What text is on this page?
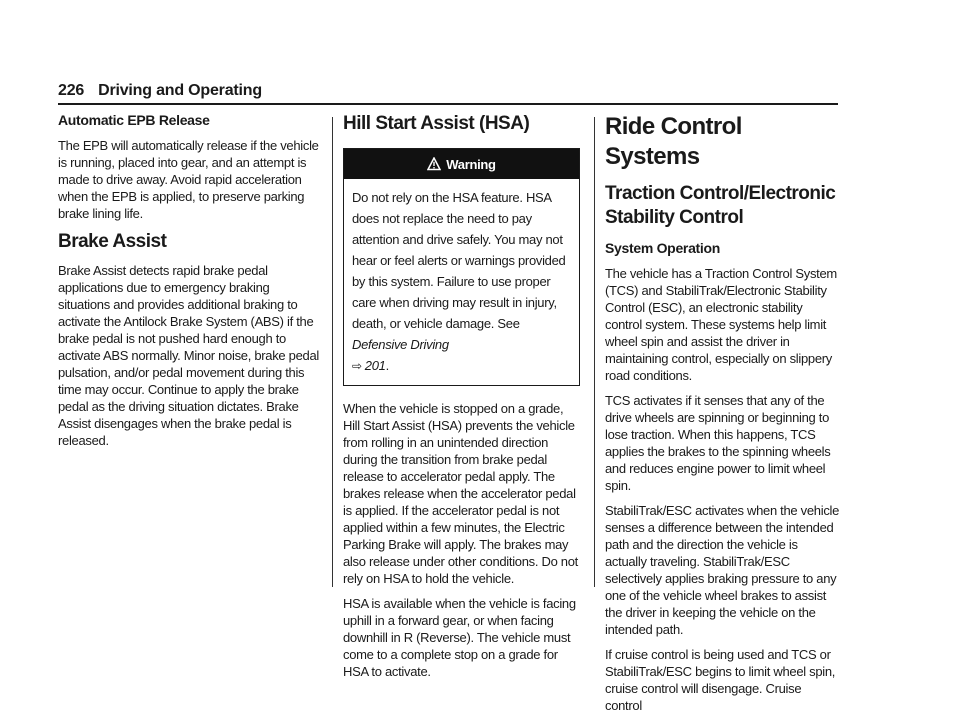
226 Driving and Operating
Automatic EPB Release

The EPB will automatically release if the vehicle is running, placed into gear, and an attempt is made to drive away. Avoid rapid acceleration when the EPB is applied, to preserve parking brake lining life.

Brake Assist

Brake Assist detects rapid brake pedal applications due to emergency braking situations and provides additional braking to activate the Antilock Brake System (ABS) if the brake pedal is not pushed hard enough to activate ABS normally. Minor noise, brake pedal pulsation, and/or pedal movement during this time may occur. Continue to apply the brake pedal as the driving situation dictates. Brake Assist disengages when the brake pedal is released.

Hill Start Assist (HSA)
Warning
Do not rely on the HSA feature. HSA does not replace the need to pay attention and drive safely. You may not hear or feel alerts or warnings provided by this system. Failure to use proper care when driving may result in injury, death, or vehicle damage. See Defensive Driving
⇨ 201.

When the vehicle is stopped on a grade, Hill Start Assist (HSA) prevents the vehicle from rolling in an unintended direction during the transition from brake pedal release to accelerator pedal apply. The brakes release when the accelerator pedal is applied. If the accelerator pedal is not applied within a few minutes, the Electric Parking Brake will apply. The brakes may also release under other conditions. Do not rely on HSA to hold the vehicle.

HSA is available when the vehicle is facing uphill in a forward gear, or when facing downhill in R (Reverse). The vehicle must come to a complete stop on a grade for HSA to activate.

Ride Control Systems
Traction Control/Electronic Stability Control
System Operation

The vehicle has a Traction Control System (TCS) and StabiliTrak/Electronic Stability Control (ESC), an electronic stability control system. These systems help limit wheel spin and assist the driver in maintaining control, especially on slippery road conditions.

TCS activates if it senses that any of the drive wheels are spinning or beginning to lose traction. When this happens, TCS applies the brakes to the spinning wheels and reduces engine power to limit wheel spin.

StabiliTrak/ESC activates when the vehicle senses a difference between the intended path and the direction the vehicle is actually traveling. StabiliTrak/ESC selectively applies braking pressure to any one of the vehicle wheel brakes to assist the driver in keeping the vehicle on the intended path.

If cruise control is being used and TCS or StabiliTrak/ESC begins to limit wheel spin, cruise control will disengage. Cruise control
